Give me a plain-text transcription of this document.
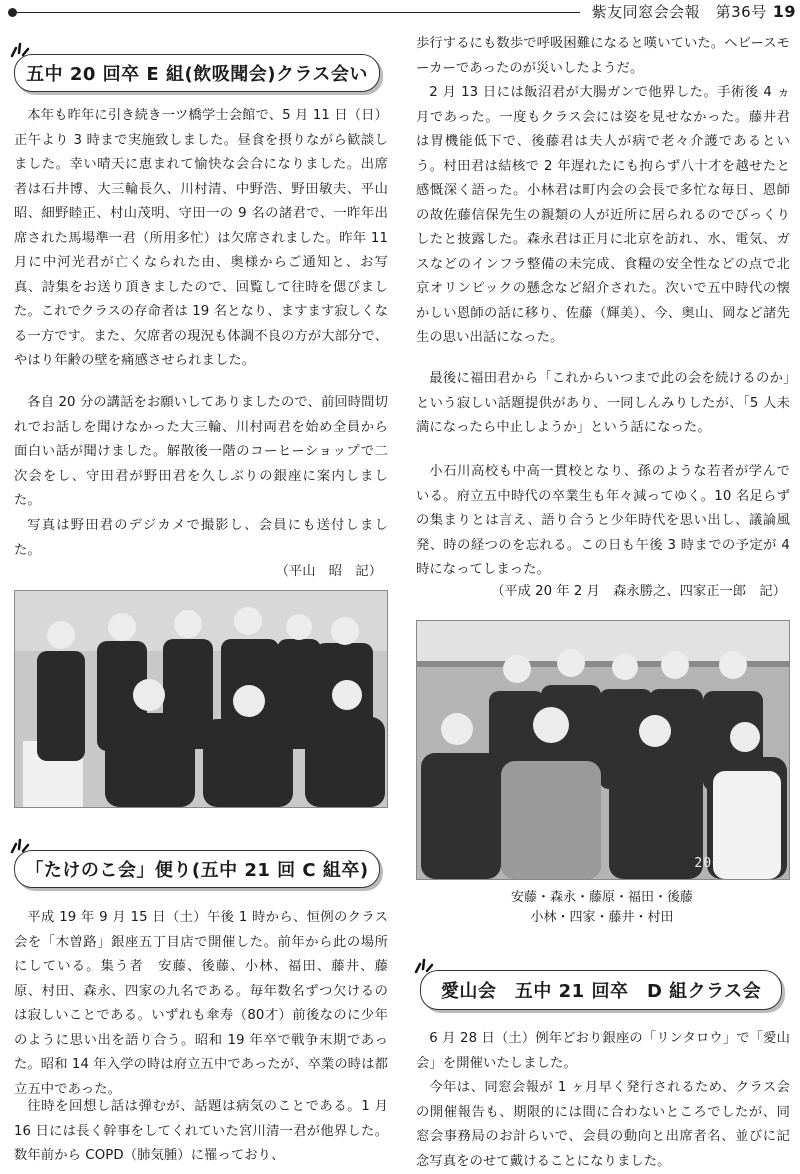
紫友同窓会会報　第36号 19
五中 20 回卒 E 組(飲吸聞会)クラス会い

本年も昨年に引き続き一ツ橋学士会館で、5 月 11 日（日）正午より 3 時まで実施致しました。昼食を摂りながら歓談しました。幸い晴天に恵まれて愉快な会合になりました。出席者は石井博、大三輪長久、川村清、中野浩、野田敏夫、平山昭、細野睦正、村山茂明、守田一の 9 名の諸君で、一昨年出席された馬場準一君（所用多忙）は欠席されました。昨年 11 月に中河光君が亡くなられた由、奥様からご通知と、お写真、詩集をお送り頂きましたので、回覧して往時を偲びました。これでクラスの存命者は 19 名となり、ますます寂しくなる一方です。また、欠席者の現況も体調不良の方が大部分で、やはり年齢の壁を痛感させられました。

各自 20 分の講話をお願いしてありましたので、前回時間切れでお話しを聞けなかった大三輪、川村両君を始め全員から面白い話が聞けました。解散後一階のコーヒーショップで二次会をし、守田君が野田君を久しぶりの銀座に案内しました。

写真は野田君のデジカメで撮影し、会員にも送付しました。

（平山　昭　記）
「たけのこ会」便り(五中 21 回 C 組卒)

平成 19 年 9 月 15 日（土）午後 1 時から、恒例のクラス会を「木曽路」銀座五丁目店で開催した。前年から此の場所にしている。集う者　安藤、後藤、小林、福田、藤井、藤原、村田、森永、四家の九名である。毎年数名ずつ欠けるのは寂しいことである。いずれも傘寿（80才）前後なのに少年のように思い出を語り合う。昭和 19 年卒で戦争末期であった。昭和 14 年入学の時は府立五中であったが、卒業の時は都立五中であった。

往時を回想し話は弾むが、話題は病気のことである。1 月 16 日には長く幹事をしてくれていた宮川清一君が他界した。数年前から COPD（肺気腫）に罹っており、

歩行するにも数歩で呼吸困難になると嘆いていた。ヘビースモーカーであったのが災いしたようだ。

2 月 13 日には飯沼君が大腸ガンで他界した。手術後 4 ヵ月であった。一度もクラス会には姿を見せなかった。藤井君は胃機能低下で、後藤君は夫人が病で老々介護であるという。村田君は結核で 2 年遅れたにも拘らず八十才を越せたと感慨深く語った。小林君は町内会の会長で多忙な毎日、恩師の故佐藤信保先生の親類の人が近所に居られるのでびっくりしたと披露した。森永君は正月に北京を訪れ、水、電気、ガスなどのインフラ整備の未完成、食糧の安全性などの点で北京オリンピックの懸念など紹介された。次いで五中時代の懐かしい恩師の話に移り、佐藤（輝美）、今、奥山、岡など諸先生の思い出話になった。

最後に福田君から「これからいつまで此の会を続けるのか」という寂しい話題提供があり、一同しんみりしたが、「5 人未満になったら中止しようか」という話になった。

小石川高校も中高一貫校となり、孫のような若者が学んでいる。府立五中時代の卒業生も年々減ってゆく。10 名足らずの集まりとは言え、語り合うと少年時代を思い出し、議論風発、時の経つのを忘れる。この日も午後 3 時までの予定が 4 時になってしまった。

（平成 20 年 2 月　森永勝之、四家正一郎　記）
2007　9 15
安藤・森永・藤原・福田・後藤
小林・四家・藤井・村田
愛山会　五中 21 回卒　D 組クラス会

6 月 28 日（土）例年どおり銀座の「リンタロウ」で「愛山会」を開催いたしました。

今年は、同窓会報が 1 ヶ月早く発行されるため、クラス会の開催報告も、期限的には間に合わないところでしたが、同窓会事務局のお計らいで、会員の動向と出席者名、並びに記念写真をのせて戴けることになりました。
